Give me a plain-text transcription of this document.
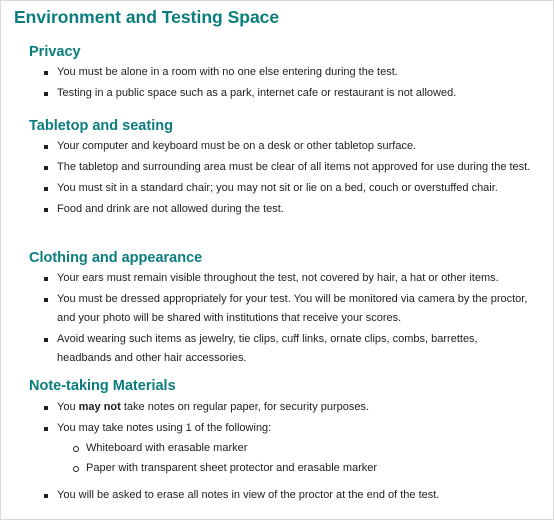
Environment and Testing Space
Privacy
You must be alone in a room with no one else entering during the test.
Testing in a public space such as a park, internet cafe or restaurant is not allowed.
Tabletop and seating
Your computer and keyboard must be on a desk or other tabletop surface.
The tabletop and surrounding area must be clear of all items not approved for use during the test.
You must sit in a standard chair; you may not sit or lie on a bed, couch or overstuffed chair.
Food and drink are not allowed during the test.
Clothing and appearance
Your ears must remain visible throughout the test, not covered by hair, a hat or other items.
You must be dressed appropriately for your test. You will be monitored via camera by the proctor, and your photo will be shared with institutions that receive your scores.
Avoid wearing such items as jewelry, tie clips, cuff links, ornate clips, combs, barrettes, headbands and other hair accessories.
Note-taking Materials
You may not take notes on regular paper, for security purposes.
You may take notes using 1 of the following:
Whiteboard with erasable marker
Paper with transparent sheet protector and erasable marker
You will be asked to erase all notes in view of the proctor at the end of the test.
